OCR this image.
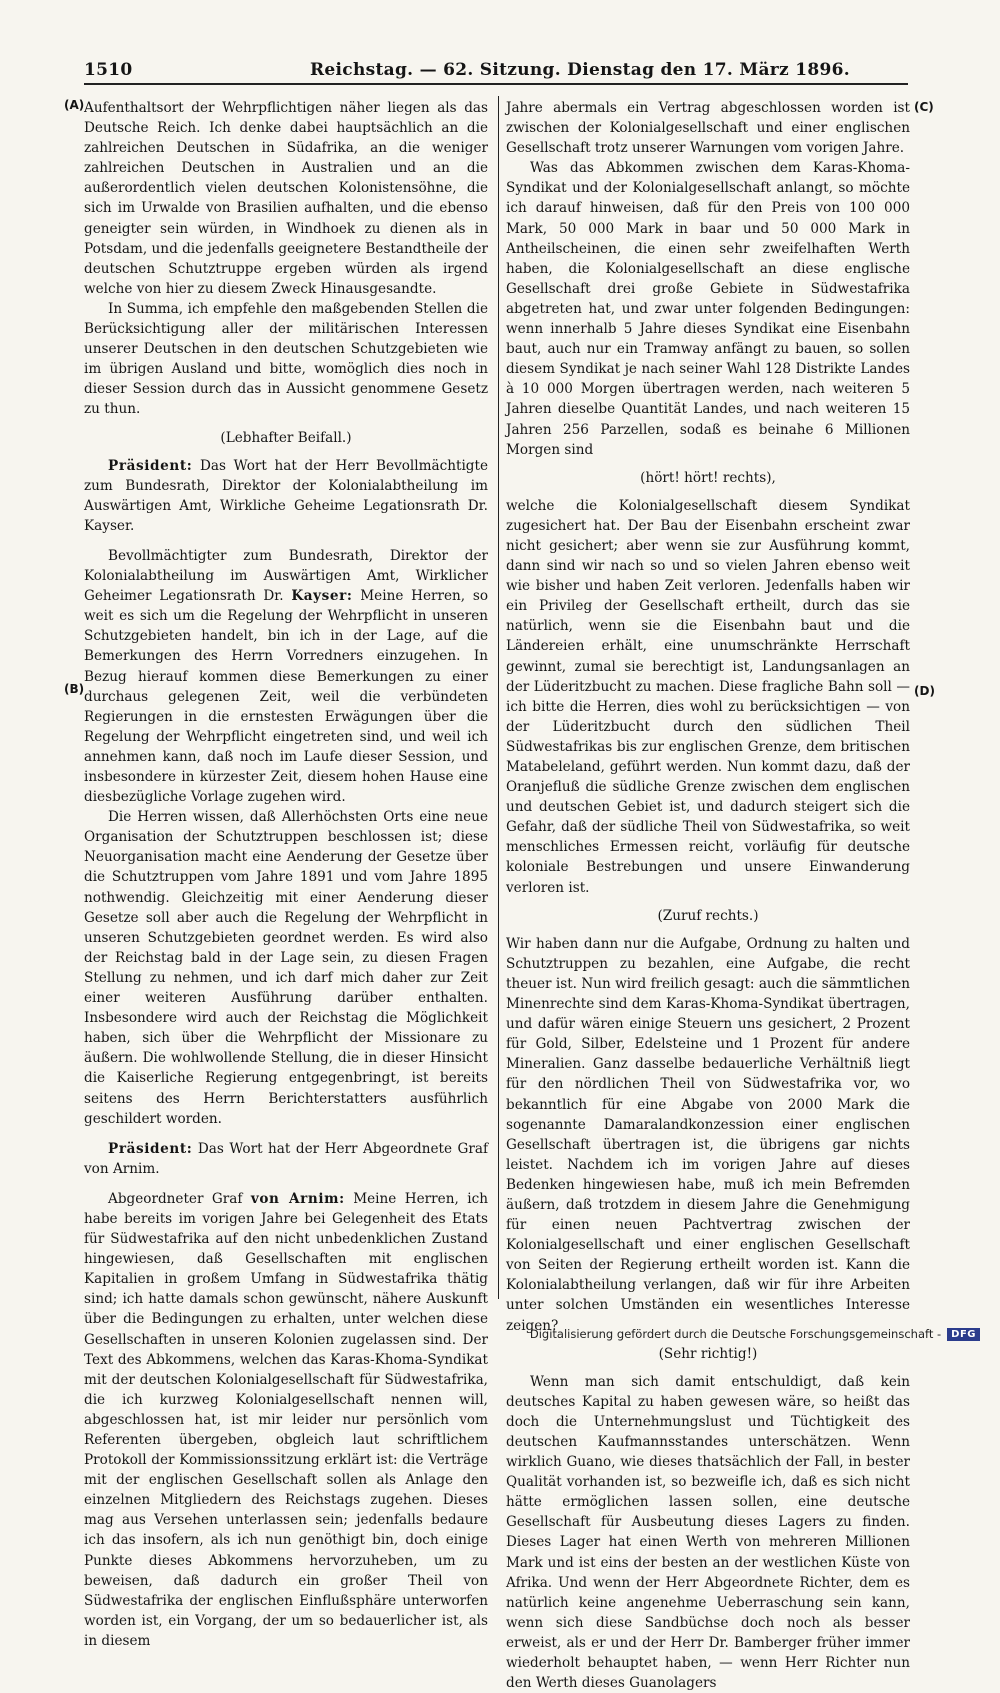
1510	Reichstag. — 62. Sitzung. Dienstag den 17. März 1896.
(A)
(B)
(C)
(D)

Aufenthaltsort der Wehrpflichtigen näher liegen als das Deutsche Reich. Ich denke dabei hauptsächlich an die zahlreichen Deutschen in Südafrika, an die weniger zahlreichen Deutschen in Australien und an die außerordentlich vielen deutschen Kolonistensöhne, die sich im Urwalde von Brasilien aufhalten, und die ebenso geneigter sein würden, in Windhoek zu dienen als in Potsdam, und die jedenfalls geeignetere Bestandtheile der deutschen Schutztruppe ergeben würden als irgend welche von hier zu diesem Zweck Hinausgesandte.

In Summa, ich empfehle den maßgebenden Stellen die Berücksichtigung aller der militärischen Interessen unserer Deutschen in den deutschen Schutzgebieten wie im übrigen Ausland und bitte, womöglich dies noch in dieser Session durch das in Aussicht genommene Gesetz zu thun.

(Lebhafter Beifall.)

Präsident: Das Wort hat der Herr Bevollmächtigte zum Bundesrath, Direktor der Kolonialabtheilung im Auswärtigen Amt, Wirkliche Geheime Legationsrath Dr. Kayser.

Bevollmächtigter zum Bundesrath, Direktor der Kolonialabtheilung im Auswärtigen Amt, Wirklicher Geheimer Legationsrath Dr. Kayser: Meine Herren, so weit es sich um die Regelung der Wehrpflicht in unseren Schutzgebieten handelt, bin ich in der Lage, auf die Bemerkungen des Herrn Vorredners einzugehen. In Bezug hierauf kommen diese Bemerkungen zu einer durchaus gelegenen Zeit, weil die verbündeten Regierungen in die ernstesten Erwägungen über die Regelung der Wehrpflicht eingetreten sind, und weil ich annehmen kann, daß noch im Laufe dieser Session, und insbesondere in kürzester Zeit, diesem hohen Hause eine diesbezügliche Vorlage zugehen wird.

Die Herren wissen, daß Allerhöchsten Orts eine neue Organisation der Schutztruppen beschlossen ist; diese Neuorganisation macht eine Aenderung der Gesetze über die Schutztruppen vom Jahre 1891 und vom Jahre 1895 nothwendig. Gleichzeitig mit einer Aenderung dieser Gesetze soll aber auch die Regelung der Wehrpflicht in unseren Schutzgebieten geordnet werden. Es wird also der Reichstag bald in der Lage sein, zu diesen Fragen Stellung zu nehmen, und ich darf mich daher zur Zeit einer weiteren Ausführung darüber enthalten. Insbesondere wird auch der Reichstag die Möglichkeit haben, sich über die Wehrpflicht der Missionare zu äußern. Die wohlwollende Stellung, die in dieser Hinsicht die Kaiserliche Regierung entgegenbringt, ist bereits seitens des Herrn Berichterstatters ausführlich geschildert worden.

Präsident: Das Wort hat der Herr Abgeordnete Graf von Arnim.

Abgeordneter Graf von Arnim: Meine Herren, ich habe bereits im vorigen Jahre bei Gelegenheit des Etats für Südwestafrika auf den nicht unbedenklichen Zustand hingewiesen, daß Gesellschaften mit englischen Kapitalien in großem Umfang in Südwestafrika thätig sind; ich hatte damals schon gewünscht, nähere Auskunft über die Bedingungen zu erhalten, unter welchen diese Gesellschaften in unseren Kolonien zugelassen sind. Der Text des Abkommens, welchen das Karas-Khoma-Syndikat mit der deutschen Kolonialgesellschaft für Südwestafrika, die ich kurzweg Kolonialgesellschaft nennen will, abgeschlossen hat, ist mir leider nur persönlich vom Referenten übergeben, obgleich laut schriftlichem Protokoll der Kommissionssitzung erklärt ist: die Verträge mit der englischen Gesellschaft sollen als Anlage den einzelnen Mitgliedern des Reichstags zugehen. Dieses mag aus Versehen unterlassen sein; jedenfalls bedaure ich das insofern, als ich nun genöthigt bin, doch einige Punkte dieses Abkommens hervorzuheben, um zu beweisen, daß dadurch ein großer Theil von Südwestafrika der englischen Einflußsphäre unterworfen worden ist, ein Vorgang, der um so bedauerlicher ist, als in diesem

Jahre abermals ein Vertrag abgeschlossen worden ist zwischen der Kolonialgesellschaft und einer englischen Gesellschaft trotz unserer Warnungen vom vorigen Jahre.

Was das Abkommen zwischen dem Karas-Khoma-Syndikat und der Kolonialgesellschaft anlangt, so möchte ich darauf hinweisen, daß für den Preis von 100 000 Mark, 50 000 Mark in baar und 50 000 Mark in Antheilscheinen, die einen sehr zweifelhaften Werth haben, die Kolonialgesellschaft an diese englische Gesellschaft drei große Gebiete in Südwestafrika abgetreten hat, und zwar unter folgenden Bedingungen: wenn innerhalb 5 Jahre dieses Syndikat eine Eisenbahn baut, auch nur ein Tramway anfängt zu bauen, so sollen diesem Syndikat je nach seiner Wahl 128 Distrikte Landes à 10 000 Morgen übertragen werden, nach weiteren 5 Jahren dieselbe Quantität Landes, und nach weiteren 15 Jahren 256 Parzellen, sodaß es beinahe 6 Millionen Morgen sind

(hört! hört! rechts),

welche die Kolonialgesellschaft diesem Syndikat zugesichert hat. Der Bau der Eisenbahn erscheint zwar nicht gesichert; aber wenn sie zur Ausführung kommt, dann sind wir nach so und so vielen Jahren ebenso weit wie bisher und haben Zeit verloren. Jedenfalls haben wir ein Privileg der Gesellschaft ertheilt, durch das sie natürlich, wenn sie die Eisenbahn baut und die Ländereien erhält, eine unumschränkte Herrschaft gewinnt, zumal sie berechtigt ist, Landungsanlagen an der Lüderitzbucht zu machen. Diese fragliche Bahn soll — ich bitte die Herren, dies wohl zu berücksichtigen — von der Lüderitzbucht durch den südlichen Theil Südwestafrikas bis zur englischen Grenze, dem britischen Matabeleland, geführt werden. Nun kommt dazu, daß der Oranjefluß die südliche Grenze zwischen dem englischen und deutschen Gebiet ist, und dadurch steigert sich die Gefahr, daß der südliche Theil von Südwestafrika, so weit menschliches Ermessen reicht, vorläufig für deutsche koloniale Bestrebungen und unsere Einwanderung verloren ist.

(Zuruf rechts.)

Wir haben dann nur die Aufgabe, Ordnung zu halten und Schutztruppen zu bezahlen, eine Aufgabe, die recht theuer ist. Nun wird freilich gesagt: auch die sämmtlichen Minenrechte sind dem Karas-Khoma-Syndikat übertragen, und dafür wären einige Steuern uns gesichert, 2 Prozent für Gold, Silber, Edelsteine und 1 Prozent für andere Mineralien. Ganz dasselbe bedauerliche Verhältniß liegt für den nördlichen Theil von Südwestafrika vor, wo bekanntlich für eine Abgabe von 2000 Mark die sogenannte Damaralandkonzession einer englischen Gesellschaft übertragen ist, die übrigens gar nichts leistet. Nachdem ich im vorigen Jahre auf dieses Bedenken hingewiesen habe, muß ich mein Befremden äußern, daß trotzdem in diesem Jahre die Genehmigung für einen neuen Pachtvertrag zwischen der Kolonialgesellschaft und einer englischen Gesellschaft von Seiten der Regierung ertheilt worden ist. Kann die Kolonialabtheilung verlangen, daß wir für ihre Arbeiten unter solchen Umständen ein wesentliches Interesse zeigen?

(Sehr richtig!)

Wenn man sich damit entschuldigt, daß kein deutsches Kapital zu haben gewesen wäre, so heißt das doch die Unternehmungslust und Tüchtigkeit des deutschen Kaufmannsstandes unterschätzen. Wenn wirklich Guano, wie dieses thatsächlich der Fall, in bester Qualität vorhanden ist, so bezweifle ich, daß es sich nicht hätte ermöglichen lassen sollen, eine deutsche Gesellschaft für Ausbeutung dieses Lagers zu finden. Dieses Lager hat einen Werth von mehreren Millionen Mark und ist eins der besten an der westlichen Küste von Afrika. Und wenn der Herr Abgeordnete Richter, dem es natürlich keine angenehme Ueberraschung sein kann, wenn sich diese Sandbüchse doch noch als besser erweist, als er und der Herr Dr. Bamberger früher immer wiederholt behauptet haben, — wenn Herr Richter nun den Werth dieses Guanolagers

Digitalisierung gefördert durch die Deutsche Forschungsgemeinschaft -	DFG
